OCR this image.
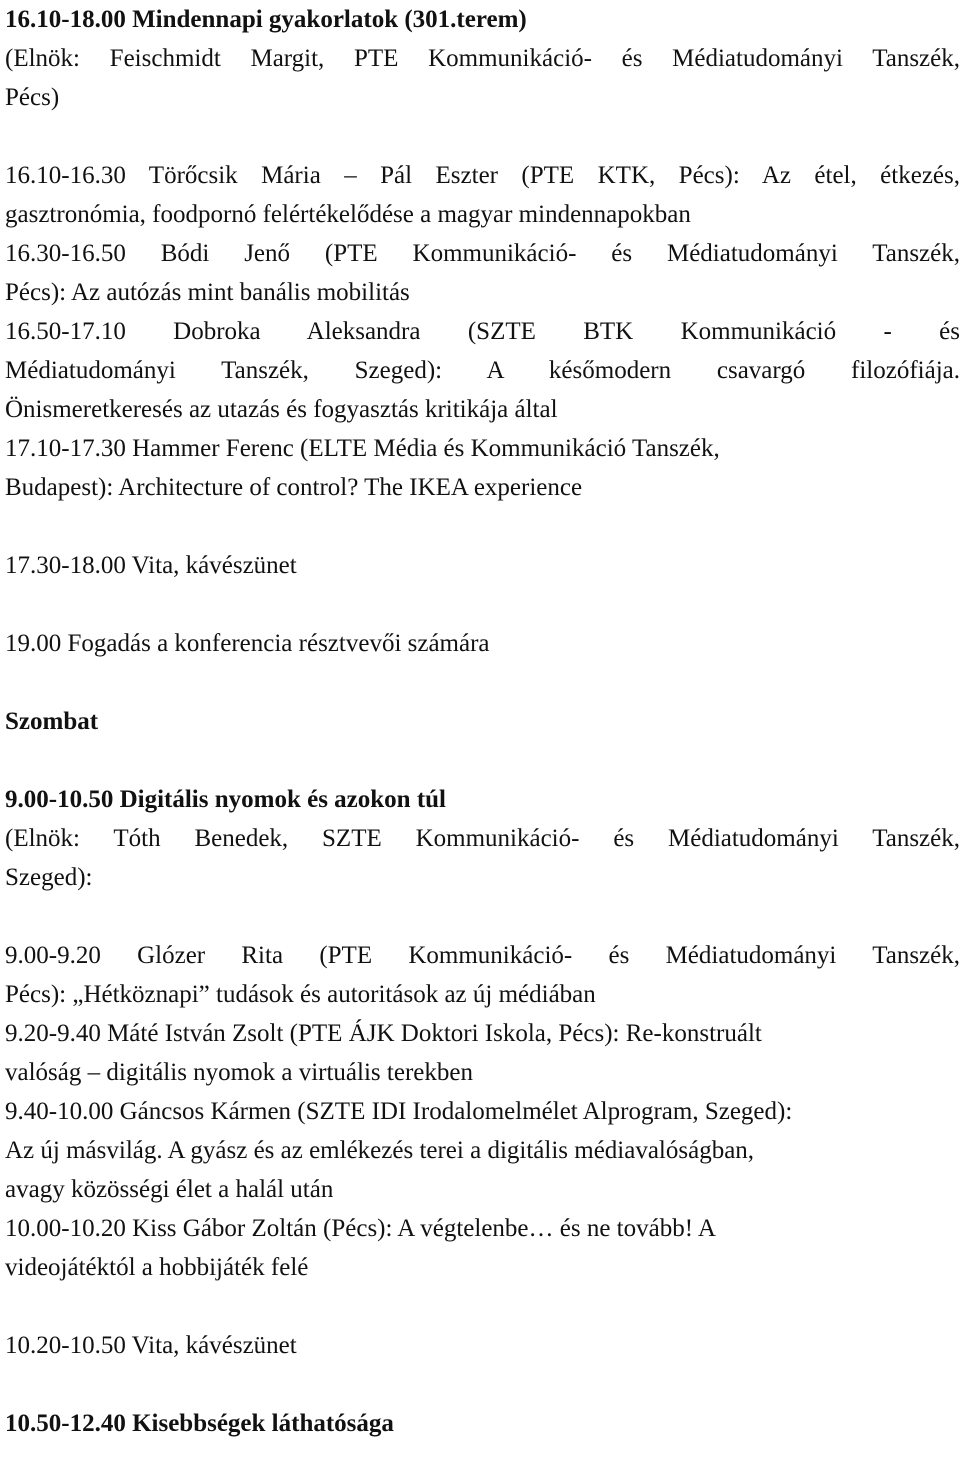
16.10-18.00 Mindennapi gyakorlatok (301.terem)
(Elnök: Feischmidt Margit, PTE Kommunikáció- és Médiatudományi Tanszék,
Pécs)
16.10-16.30 Törőcsik Mária – Pál Eszter (PTE KTK, Pécs): Az étel, étkezés,
gasztronómia, foodpornó felértékelődése a magyar mindennapokban
16.30-16.50 Bódi Jenő (PTE Kommunikáció- és Médiatudományi Tanszék,
Pécs): Az autózás mint banális mobilitás
16.50-17.10 Dobroka Aleksandra (SZTE BTK Kommunikáció - és
Médiatudományi Tanszék, Szeged): A későmodern csavargó filozófiája.
Önismeretkeresés az utazás és fogyasztás kritikája által
17.10-17.30 Hammer Ferenc (ELTE Média és Kommunikáció Tanszék,
Budapest): Architecture of control? The IKEA experience
17.30-18.00 Vita, kávészünet
19.00 Fogadás a konferencia résztvevői számára
Szombat
9.00-10.50 Digitális nyomok és azokon túl
(Elnök: Tóth Benedek, SZTE Kommunikáció- és Médiatudományi Tanszék,
Szeged):
9.00-9.20 Glózer Rita (PTE Kommunikáció- és Médiatudományi Tanszék,
Pécs): „Hétköznapi” tudások és autoritások az új médiában
9.20-9.40 Máté István Zsolt (PTE ÁJK Doktori Iskola, Pécs): Re-konstruált
valóság – digitális nyomok a virtuális terekben
9.40-10.00 Gáncsos Kármen (SZTE IDI Irodalomelmélet Alprogram, Szeged):
Az új másvilág. A gyász és az emlékezés terei a digitális médiavalóságban,
avagy közösségi élet a halál után
10.00-10.20 Kiss Gábor Zoltán (Pécs): A végtelenbe… és ne tovább! A
videojátéktól a hobbijáték felé
10.20-10.50 Vita, kávészünet
10.50-12.40 Kisebbségek láthatósága
